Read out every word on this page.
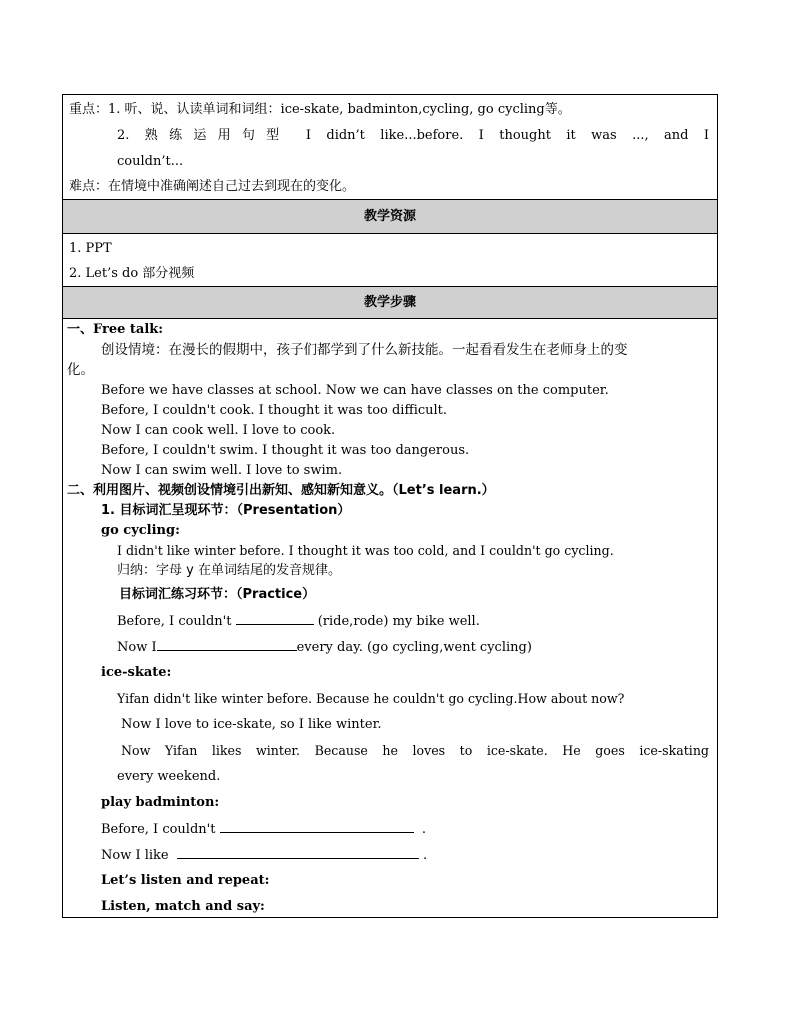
重点：1. 听、说、认读单词和词组：ice-skate, badminton,cycling, go cycling等。
2. 熟练运用句型 I didn’t like...before. I thought it was ..., and I
couldn’t...
难点：在情境中准确阐述自己过去到现在的变化。
教学资源
1. PPT
2. Let’s do 部分视频
教学步骤
一、Free talk:
创设情境：在漫长的假期中，孩子们都学到了什么新技能。一起看看发生在老师身上的变
化。
Before we have classes at school. Now we can have classes on the computer.
Before, I couldn't cook. I thought it was too difficult.
Now I can cook well. I love to cook.
Before, I couldn't swim. I thought it was too dangerous.
Now I can swim well. I love to swim.
二、利用图片、视频创设情境引出新知、感知新知意义。（Let’s learn.）
1. 目标词汇呈现环节：（Presentation）
go cycling:
I didn't like winter before. I thought it was too cold, and I couldn't go cycling.
归纳：字母 y 在单词结尾的发音规律。
目标词汇练习环节：（Practice）
Before, I couldn't	(ride,rode) my bike well.
Now I	every day. (go cycling,went cycling)
ice-skate:
Yifan didn't like winter before. Because he couldn't go cycling.How about now?
Now I love to ice-skate, so I like winter.
Now Yifan likes winter. Because he loves to ice-skate. He goes ice-skating
every weekend.
play badminton:
Before, I couldn't	.
Now I like	.
Let’s listen and repeat:
Listen, match and say:
